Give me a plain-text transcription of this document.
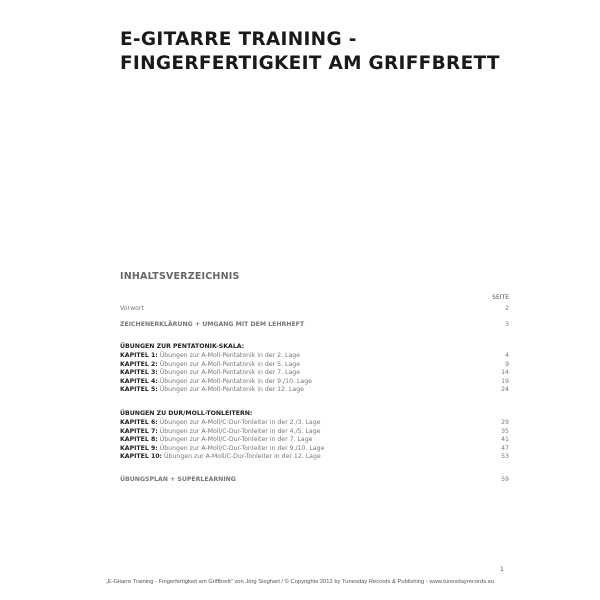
E-GITARRE TRAINING -
FINGERFERTIGKEIT AM GRIFFBRETT
INHALTSVERZEICHNIS
SEITE
Vorwort	2
ZEICHENERKLÄRUNG + UMGANG MIT DEM LEHRHEFT	3
ÜBUNGEN ZUR PENTATONIK-SKALA:
KAPITEL 1: Übungen zur A-Moll-Pentatonik in der 2. Lage	4
KAPITEL 2: Übungen zur A-Moll-Pentatonik in der 5. Lage	9
KAPITEL 3: Übungen zur A-Moll-Pentatonik in der 7. Lage	14
KAPITEL 4: Übungen zur A-Moll-Pentatonik in der 9./10. Lage	19
KAPITEL 5: Übungen zur A-Moll-Pentatonik in der 12. Lage	24
ÜBUNGEN ZU DUR/MOLL-TONLEITERN:
KAPITEL 6: Übungen zur A-Moll/C-Dur-Tonleiter in der 2./3. Lage	29
KAPITEL 7: Übungen zur A-Moll/C-Dur-Tonleiter in der 4./5. Lage	35
KAPITEL 8: Übungen zur A-Moll/C-Dur-Tonleiter in der 7. Lage	41
KAPITEL 9: Übungen zur A-Moll/C-Dur-Tonleiter in der 9./10. Lage	47
KAPITEL 10: Übungen zur A-Moll/C-Dur-Tonleiter in der 12. Lage	53
ÜBUNGSPLAN + SUPERLEARNING	59
1
„E-Gitarre Training - Fingerfertigkeit am Griffbrett" von Jörg Sieghart / © Copyrights 2012 by Tunesday Records & Publishing - www.tunesdayrecords.eu
